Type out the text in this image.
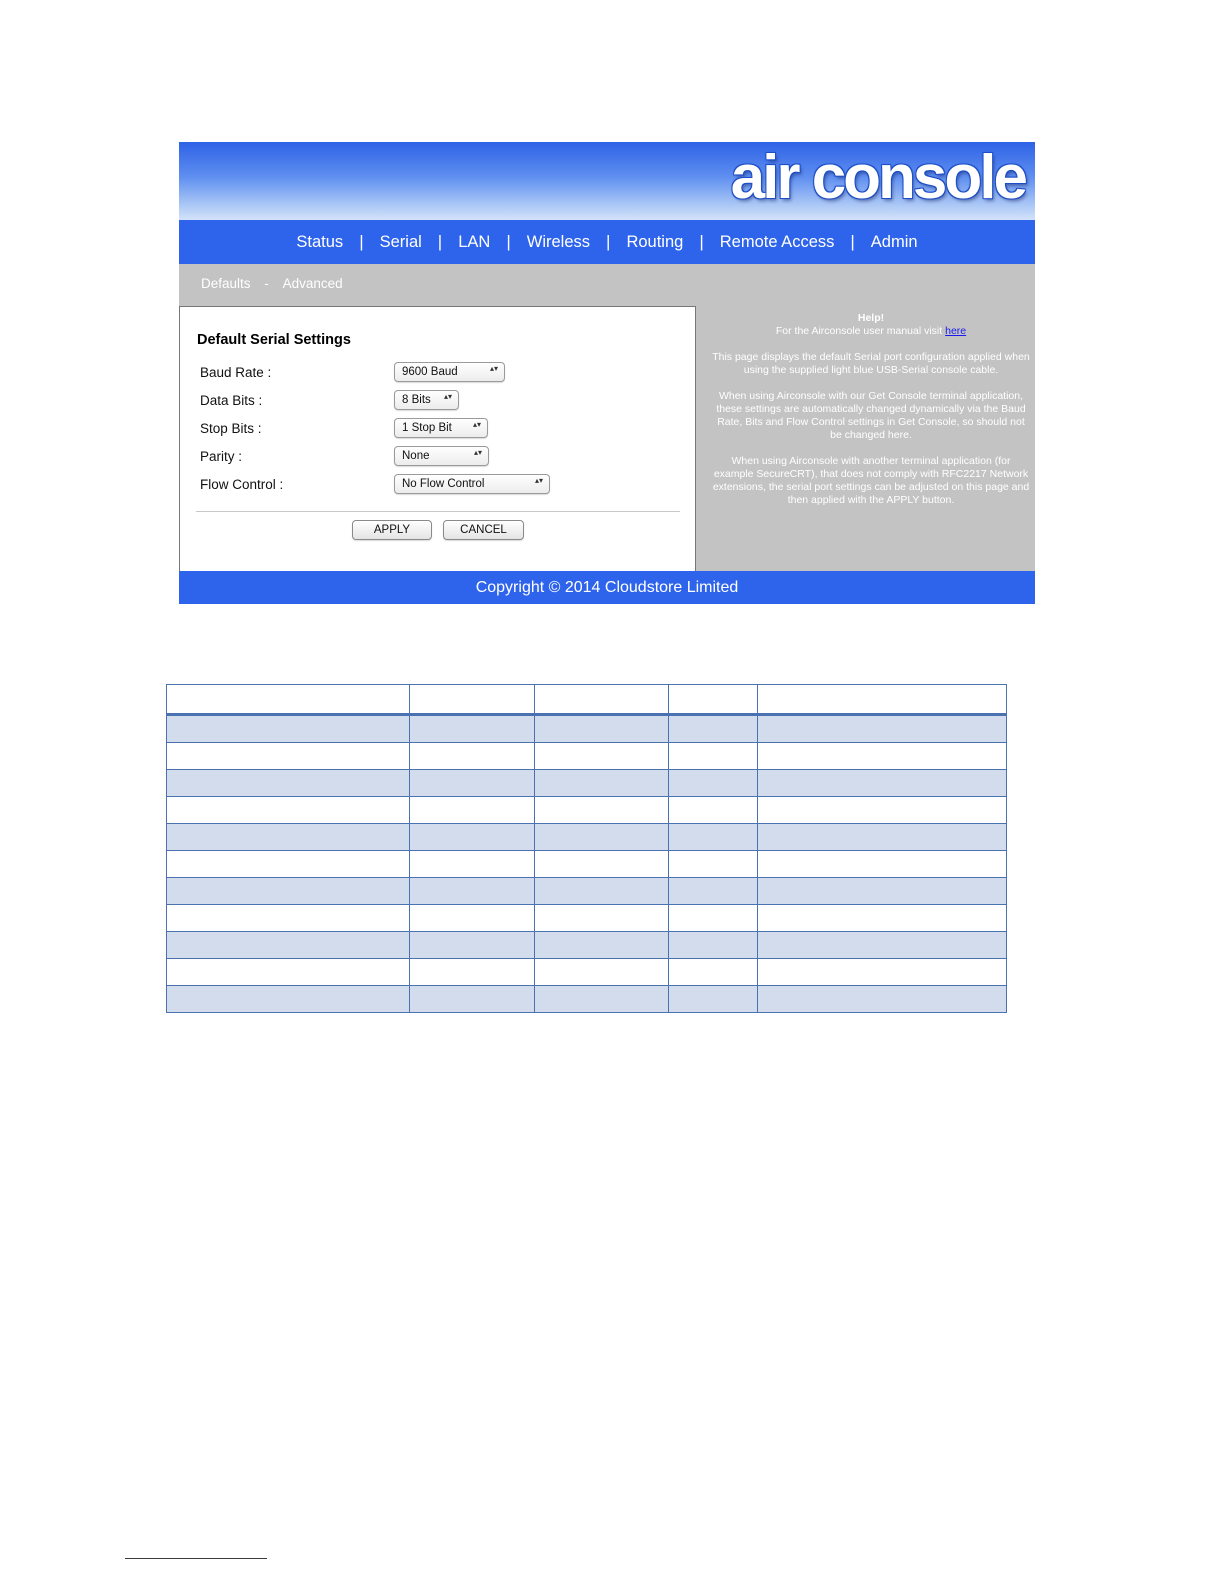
air console
Status | Serial | LAN | Wireless | Routing | Remote Access | Admin
Defaults - Advanced
Default Serial Settings
Baud Rate :	9600 Baud	▴▾
Data Bits :	8 Bits ▴▾
Stop Bits :	1 Stop Bit	▴▾
Parity :	None	▴▾
Flow Control :	No Flow Control	▴▾
APPLY	CANCEL
Help!

For the Airconsole user manual visit here

This page displays the default Serial port configuration applied when using the supplied light blue USB-Serial console cable.

When using Airconsole with our Get Console terminal application, these settings are automatically changed dynamically via the Baud Rate, Bits and Flow Control settings in Get Console, so should not be changed here.

When using Airconsole with another terminal application (for example SecureCRT), that does not comply with RFC2217 Network extensions, the serial port settings can be adjusted on this page and then applied with the APPLY button.

Copyright © 2014 Cloudstore Limited
